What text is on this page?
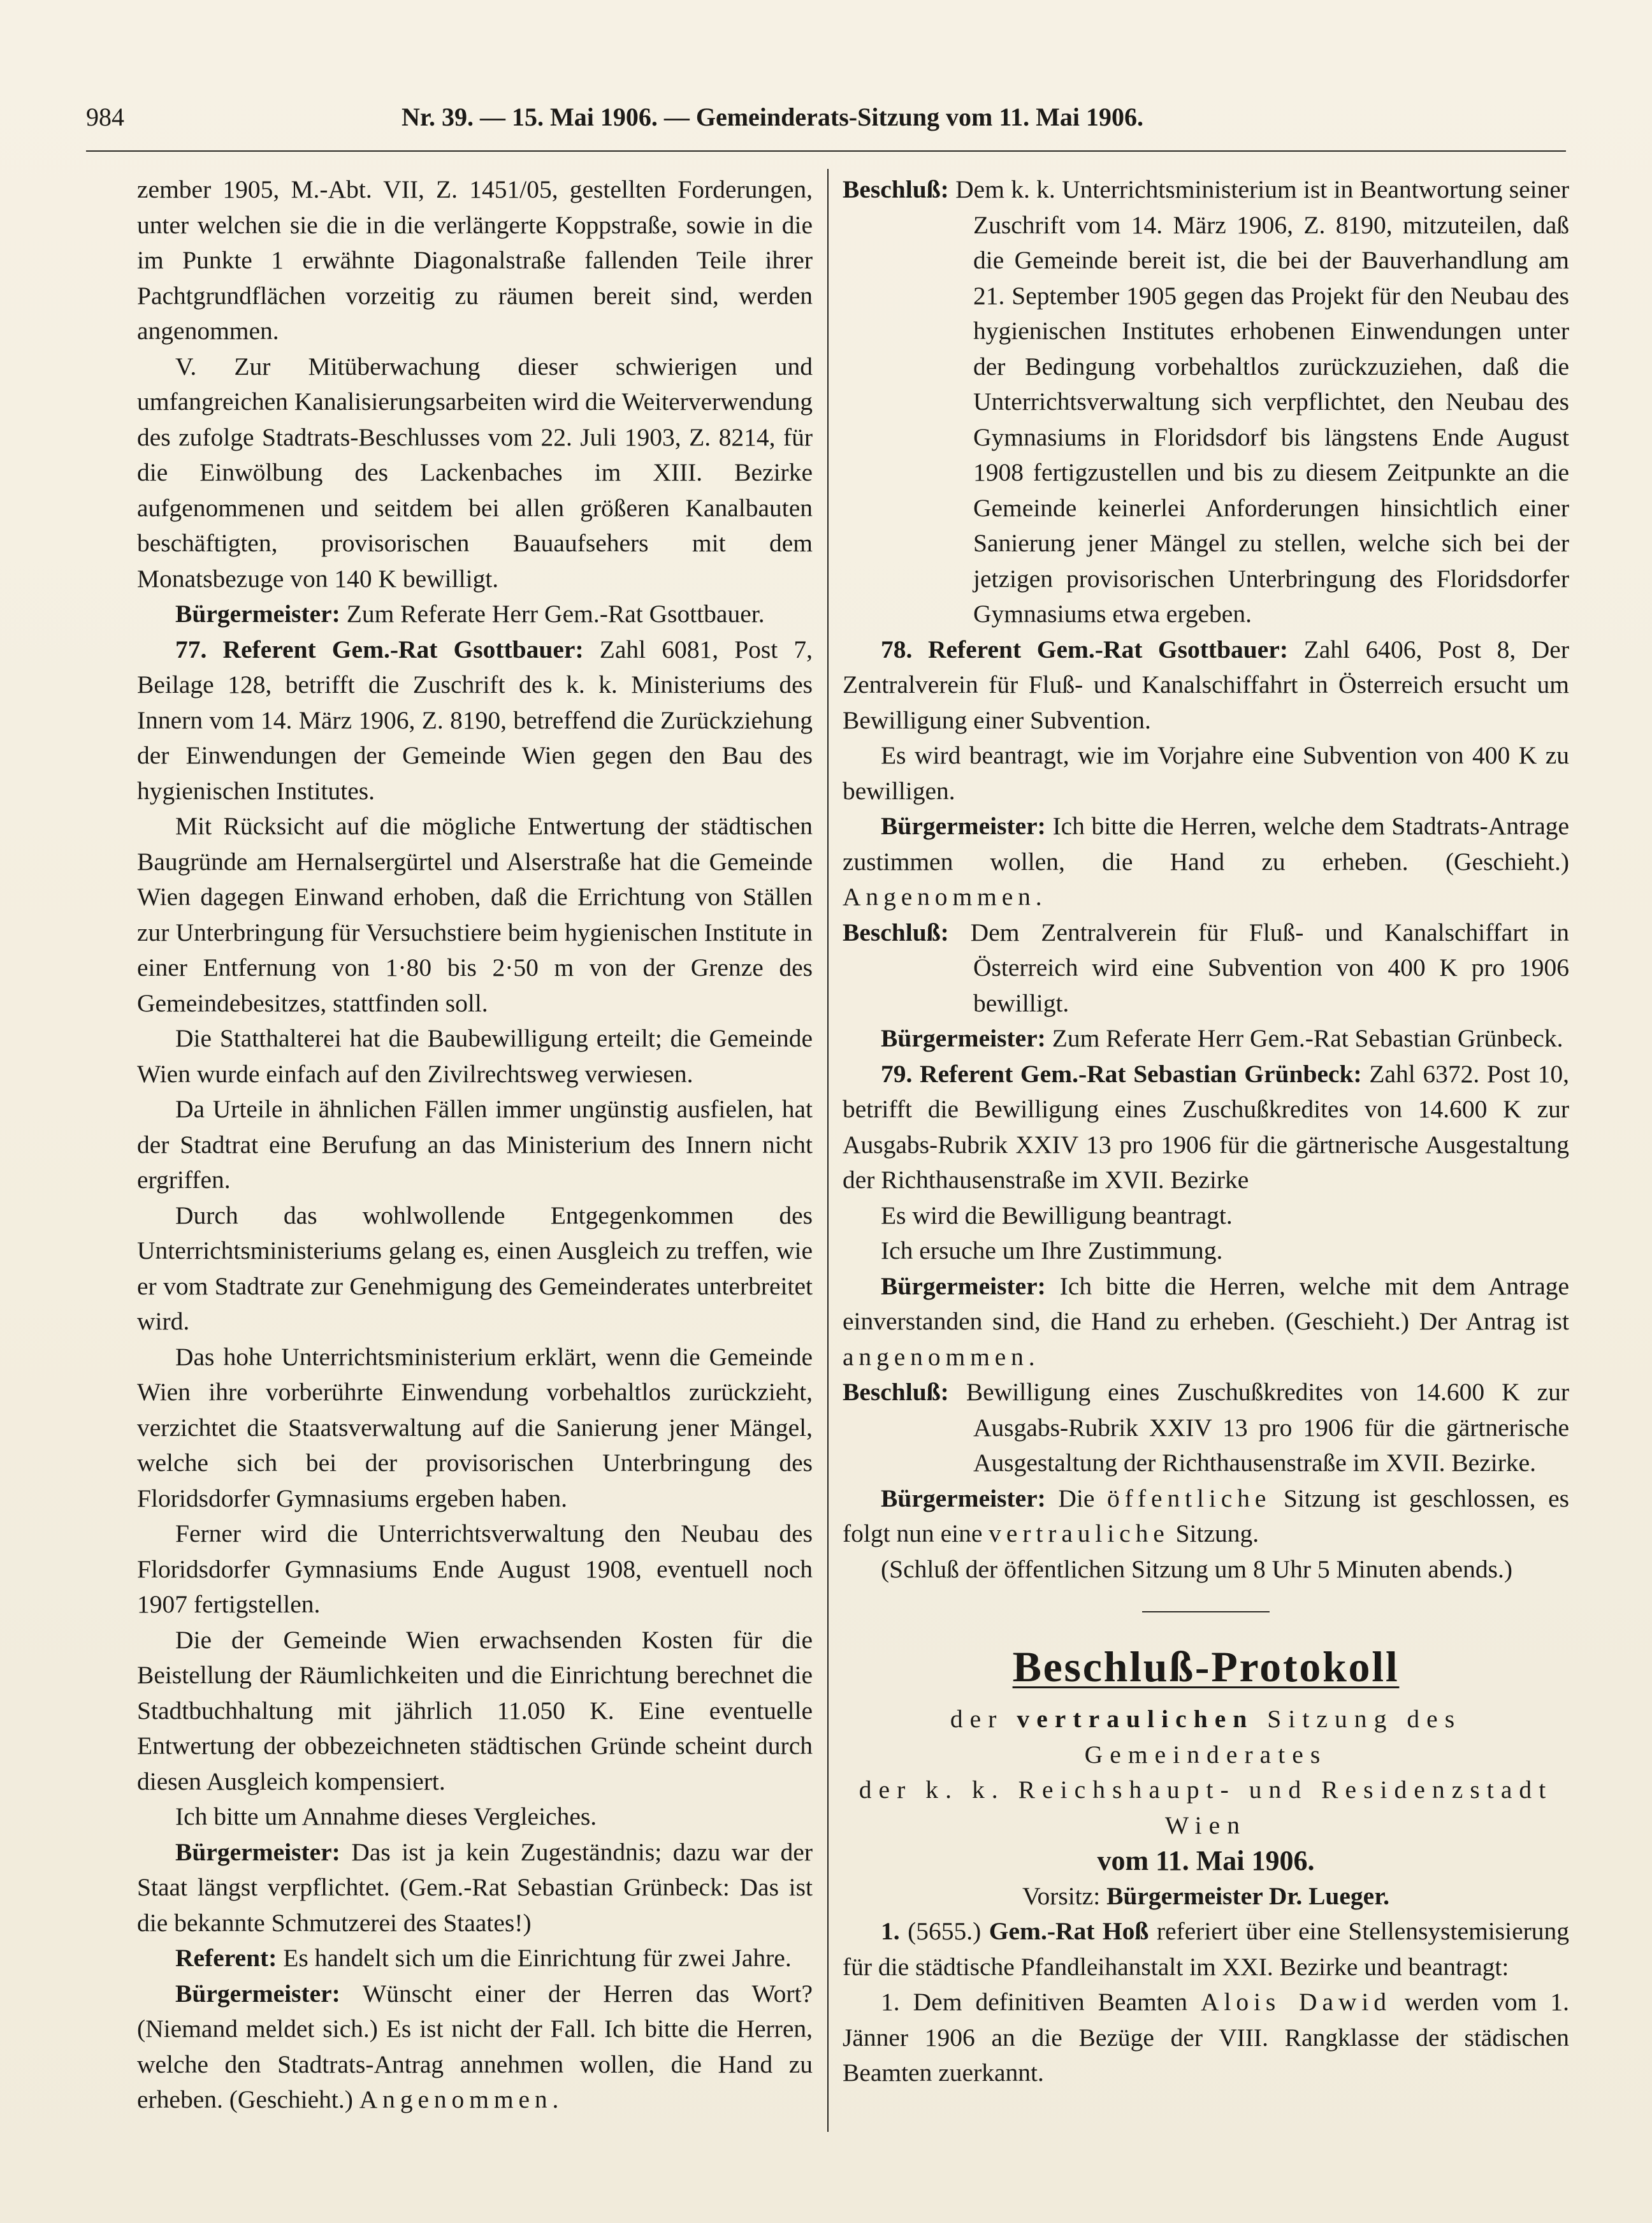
984	Nr. 39. — 15. Mai 1906. — Gemeinderats-Sitzung vom 11. Mai 1906.

zember 1905, M.-Abt. VII, Z. 1451/05, gestellten Forderungen, unter welchen sie die in die verlängerte Koppstraße, sowie in die im Punkte 1 erwähnte Diagonalstraße fallenden Teile ihrer Pachtgrundflächen vorzeitig zu räumen bereit sind, werden angenommen.

V. Zur Mitüberwachung dieser schwierigen und umfangreichen Kanalisierungsarbeiten wird die Weiterverwendung des zufolge Stadtrats-Beschlusses vom 22. Juli 1903, Z. 8214, für die Einwölbung des Lackenbaches im XIII. Bezirke aufgenommenen und seitdem bei allen größeren Kanalbauten beschäftigten, provisorischen Bauaufsehers mit dem Monatsbezuge von 140 K bewilligt.

Bürgermeister: Zum Referate Herr Gem.-Rat Gsottbauer.

77. Referent Gem.-Rat Gsottbauer: Zahl 6081, Post 7, Beilage 128, betrifft die Zuschrift des k. k. Ministeriums des Innern vom 14. März 1906, Z. 8190, betreffend die Zurückziehung der Einwendungen der Gemeinde Wien gegen den Bau des hygienischen Institutes.

Mit Rücksicht auf die mögliche Entwertung der städtischen Baugründe am Hernalsergürtel und Alserstraße hat die Gemeinde Wien dagegen Einwand erhoben, daß die Errichtung von Ställen zur Unterbringung für Versuchstiere beim hygienischen Institute in einer Entfernung von 1·80 bis 2·50 m von der Grenze des Gemeindebesitzes, stattfinden soll.

Die Statthalterei hat die Baubewilligung erteilt; die Gemeinde Wien wurde einfach auf den Zivilrechtsweg verwiesen.

Da Urteile in ähnlichen Fällen immer ungünstig ausfielen, hat der Stadtrat eine Berufung an das Ministerium des Innern nicht ergriffen.

Durch das wohlwollende Entgegenkommen des Unterrichtsministeriums gelang es, einen Ausgleich zu treffen, wie er vom Stadtrate zur Genehmigung des Gemeinderates unterbreitet wird.

Das hohe Unterrichtsministerium erklärt, wenn die Gemeinde Wien ihre vorberührte Einwendung vorbehaltlos zurückzieht, verzichtet die Staatsverwaltung auf die Sanierung jener Mängel, welche sich bei der provisorischen Unterbringung des Floridsdorfer Gymnasiums ergeben haben.

Ferner wird die Unterrichtsverwaltung den Neubau des Floridsdorfer Gymnasiums Ende August 1908, eventuell noch 1907 fertigstellen.

Die der Gemeinde Wien erwachsenden Kosten für die Beistellung der Räumlichkeiten und die Einrichtung berechnet die Stadtbuchhaltung mit jährlich 11.050 K. Eine eventuelle Entwertung der obbezeichneten städtischen Gründe scheint durch diesen Ausgleich kompensiert.

Ich bitte um Annahme dieses Vergleiches.

Bürgermeister: Das ist ja kein Zugeständnis; dazu war der Staat längst verpflichtet. (Gem.-Rat Sebastian Grünbeck: Das ist die bekannte Schmutzerei des Staates!)

Referent: Es handelt sich um die Einrichtung für zwei Jahre.

Bürgermeister: Wünscht einer der Herren das Wort? (Niemand meldet sich.) Es ist nicht der Fall. Ich bitte die Herren, welche den Stadtrats-Antrag annehmen wollen, die Hand zu erheben. (Geschieht.) Angenommen.

Beschluß: Dem k. k. Unterrichtsministerium ist in Beantwortung seiner Zuschrift vom 14. März 1906, Z. 8190, mitzuteilen, daß die Gemeinde bereit ist, die bei der Bauverhandlung am 21. September 1905 gegen das Projekt für den Neubau des hygienischen Institutes erhobenen Einwendungen unter der Bedingung vorbehaltlos zurückzuziehen, daß die Unterrichtsverwaltung sich verpflichtet, den Neubau des Gymnasiums in Floridsdorf bis längstens Ende August 1908 fertigzustellen und bis zu diesem Zeitpunkte an die Gemeinde keinerlei Anforderungen hinsichtlich einer Sanierung jener Mängel zu stellen, welche sich bei der jetzigen provisorischen Unterbringung des Floridsdorfer Gymnasiums etwa ergeben.

78. Referent Gem.-Rat Gsottbauer: Zahl 6406, Post 8, Der Zentralverein für Fluß- und Kanalschiffahrt in Österreich ersucht um Bewilligung einer Subvention.

Es wird beantragt, wie im Vorjahre eine Subvention von 400 K zu bewilligen.

Bürgermeister: Ich bitte die Herren, welche dem Stadtrats-Antrage zustimmen wollen, die Hand zu erheben. (Geschieht.) Angenommen.

Beschluß: Dem Zentralverein für Fluß- und Kanalschiffart in Österreich wird eine Subvention von 400 K pro 1906 bewilligt.

Bürgermeister: Zum Referate Herr Gem.-Rat Sebastian Grünbeck.

79. Referent Gem.-Rat Sebastian Grünbeck: Zahl 6372. Post 10, betrifft die Bewilligung eines Zuschußkredites von 14.600 K zur Ausgabs-Rubrik XXIV 13 pro 1906 für die gärtnerische Ausgestaltung der Richthausenstraße im XVII. Bezirke

Es wird die Bewilligung beantragt.

Ich ersuche um Ihre Zustimmung.

Bürgermeister: Ich bitte die Herren, welche mit dem Antrage einverstanden sind, die Hand zu erheben. (Geschieht.) Der Antrag ist angenommen.

Beschluß: Bewilligung eines Zuschußkredites von 14.600 K zur Ausgabs-Rubrik XXIV 13 pro 1906 für die gärtnerische Ausgestaltung der Richthausenstraße im XVII. Bezirke.

Bürgermeister: Die öffentliche Sitzung ist geschlossen, es folgt nun eine vertrauliche Sitzung.

(Schluß der öffentlichen Sitzung um 8 Uhr 5 Minuten abends.)

Beschluß-Protokoll

der vertraulichen Sitzung des Gemeinderates

der k. k. Reichshaupt- und Residenzstadt Wien

vom 11. Mai 1906.

Vorsitz: Bürgermeister Dr. Lueger.

1. (5655.) Gem.-Rat Hoß referiert über eine Stellensystemisierung für die städtische Pfandleihanstalt im XXI. Bezirke und beantragt:

1. Dem definitiven Beamten Alois Dawid werden vom 1. Jänner 1906 an die Bezüge der VIII. Rangklasse der städischen Beamten zuerkannt.
